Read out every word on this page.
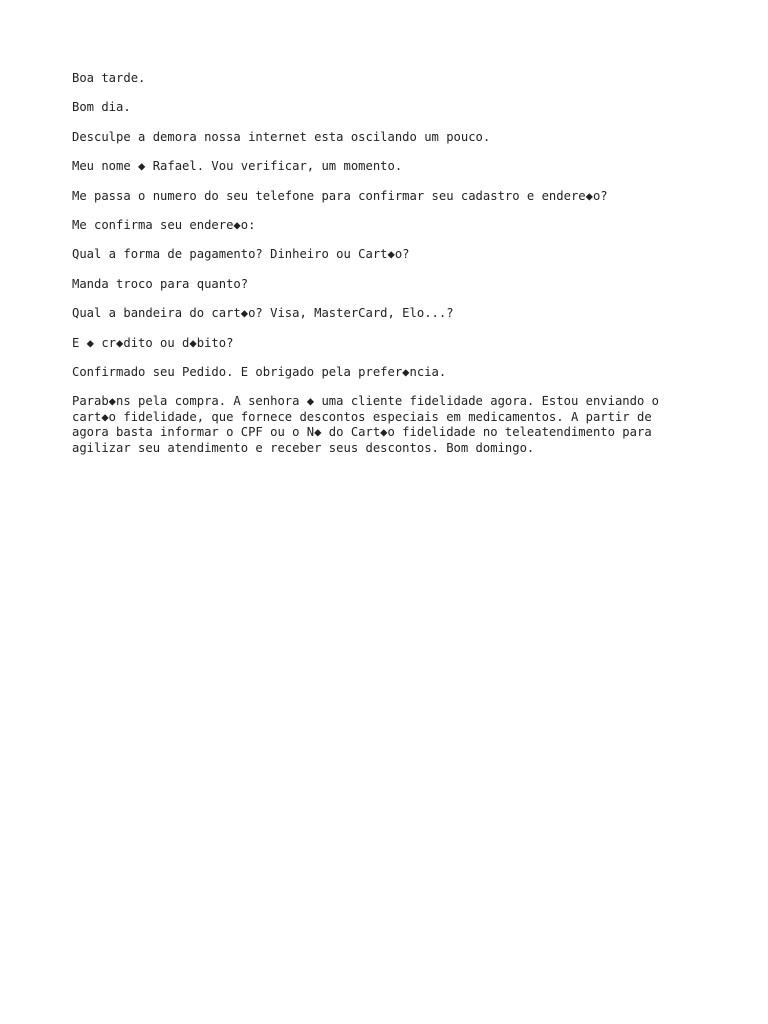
Boa tarde.

Bom dia.

Desculpe a demora nossa internet esta oscilando um pouco.

Meu nome ◆ Rafael. Vou verificar, um momento.

Me passa o numero do seu telefone para confirmar seu cadastro e endere◆o?

Me confirma seu endere◆o:

Qual a forma de pagamento? Dinheiro ou Cart◆o?

Manda troco para quanto?

Qual a bandeira do cart◆o? Visa, MasterCard, Elo...?

E ◆ cr◆dito ou d◆bito?

Confirmado seu Pedido. E obrigado pela prefer◆ncia.

Parab◆ns pela compra. A senhora ◆ uma cliente fidelidade agora. Estou enviando o
cart◆o fidelidade, que fornece descontos especiais em medicamentos. A partir de
agora basta informar o CPF ou o N◆ do Cart◆o fidelidade no teleatendimento para
agilizar seu atendimento e receber seus descontos. Bom domingo.
